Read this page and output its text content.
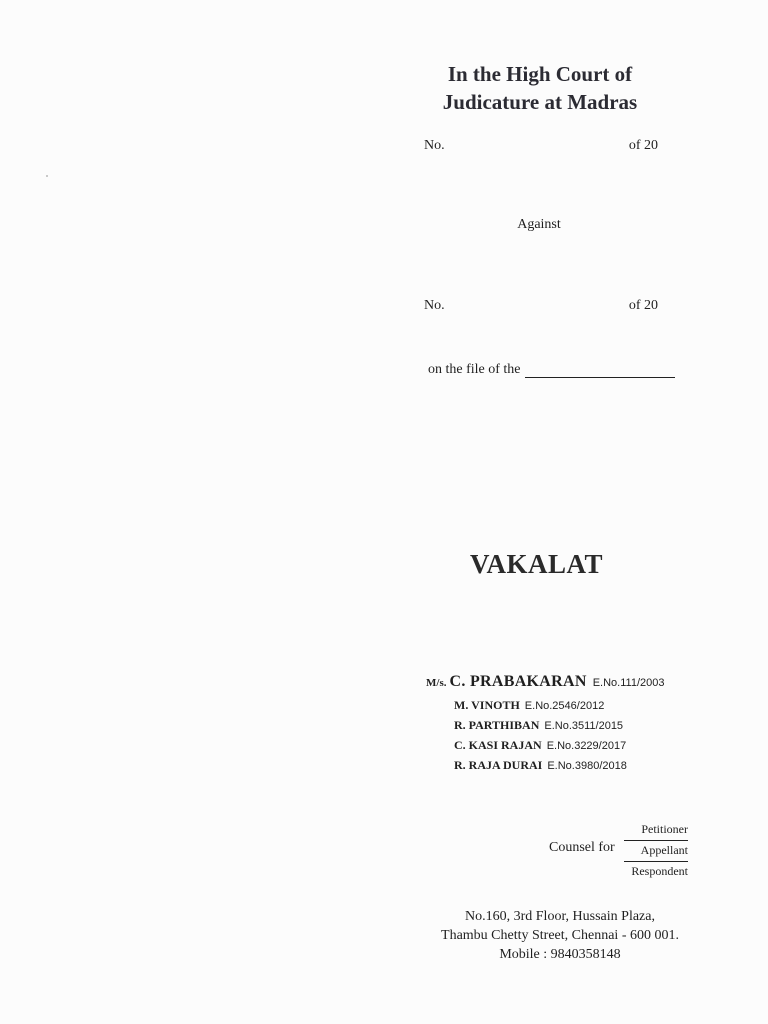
In the High Court of
Judicature at Madras
No.	of 20
Against
No.	of 20
on the file of the
VAKALAT
M/s. C. PRABAKARAN E.No.111/2003
M. VINOTH E.No.2546/2012
R. PARTHIBAN E.No.3511/2015
C. KASI RAJAN E.No.3229/2017
R. RAJA DURAI E.No.3980/2018
Counsel for
Petitioner
Appellant
Respondent
No.160, 3rd Floor, Hussain Plaza,
Thambu Chetty Street, Chennai - 600 001.
Mobile : 9840358148
